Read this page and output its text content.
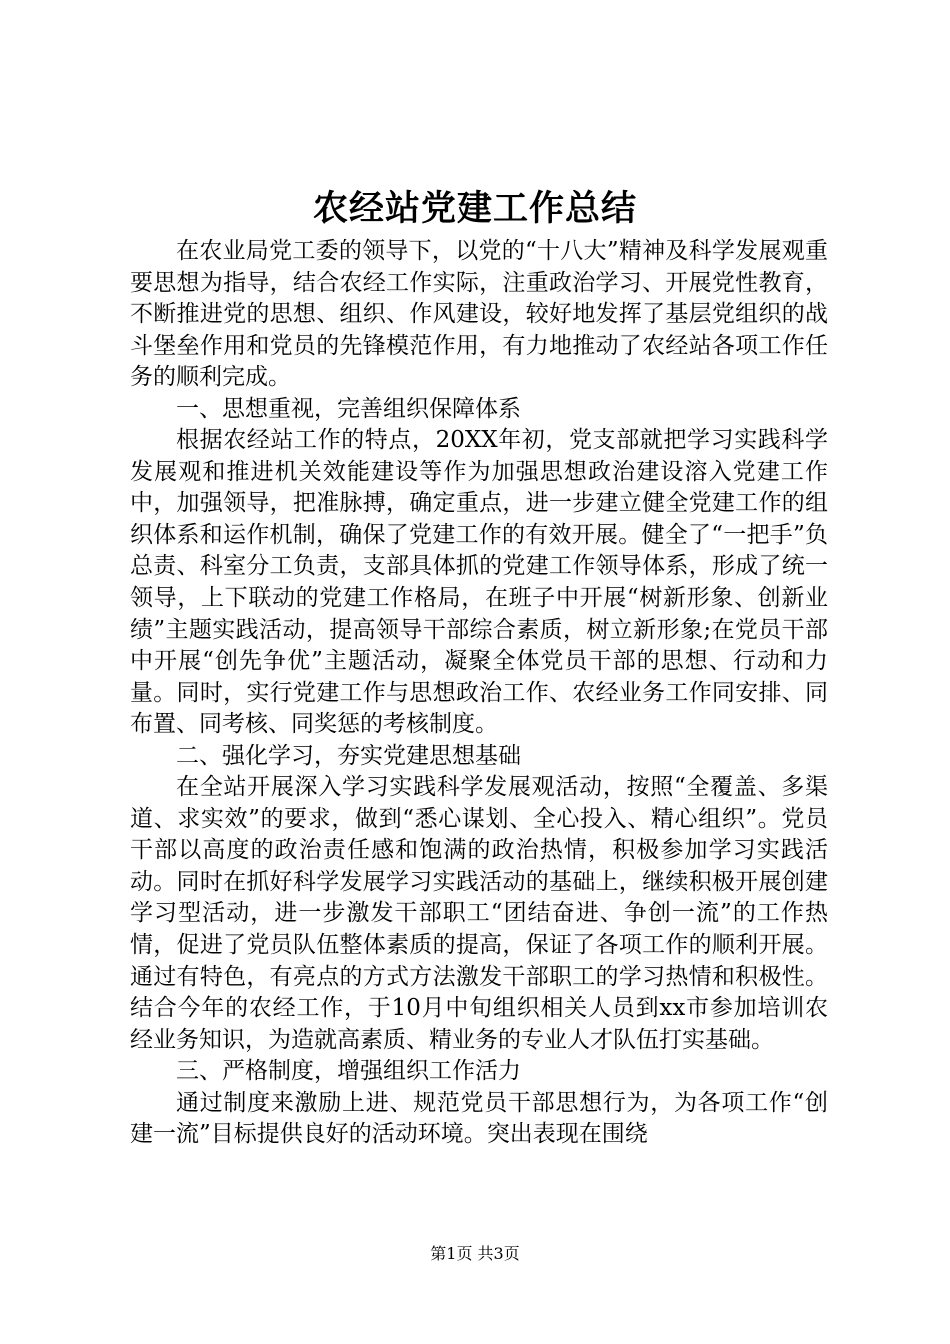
农经站党建工作总结

在农业局党工委的领导下，以党的“十八大”精神及科学发展观重要思想为指导，结合农经工作实际，注重政治学习、开展党性教育，不断推进党的思想、组织、作风建设，较好地发挥了基层党组织的战斗堡垒作用和党员的先锋模范作用，有力地推动了农经站各项工作任务的顺利完成。

一、思想重视，完善组织保障体系

根据农经站工作的特点，20XX年初，党支部就把学习实践科学发展观和推进机关效能建设等作为加强思想政治建设溶入党建工作中，加强领导，把准脉搏，确定重点，进一步建立健全党建工作的组织体系和运作机制，确保了党建工作的有效开展。健全了“一把手”负总责、科室分工负责，支部具体抓的党建工作领导体系，形成了统一领导，上下联动的党建工作格局，在班子中开展“树新形象、创新业绩”主题实践活动，提高领导干部综合素质，树立新形象;在党员干部中开展“创先争优”主题活动，凝聚全体党员干部的思想、行动和力量。同时，实行党建工作与思想政治工作、农经业务工作同安排、同布置、同考核、同奖惩的考核制度。

二、强化学习，夯实党建思想基础

在全站开展深入学习实践科学发展观活动，按照“全覆盖、多渠道、求实效”的要求，做到“悉心谋划、全心投入、精心组织”。党员干部以高度的政治责任感和饱满的政治热情，积极参加学习实践活动。同时在抓好科学发展学习实践活动的基础上，继续积极开展创建学习型活动，进一步激发干部职工“团结奋进、争创一流”的工作热情，促进了党员队伍整体素质的提高，保证了各项工作的顺利开展。通过有特色，有亮点的方式方法激发干部职工的学习热情和积极性。结合今年的农经工作，于10月中旬组织相关人员到xx市参加培训农经业务知识，为造就高素质、精业务的专业人才队伍打实基础。

三、严格制度，增强组织工作活力

通过制度来激励上进、规范党员干部思想行为，为各项工作“创建一流”目标提供良好的活动环境。突出表现在围绕

第1页 共3页
